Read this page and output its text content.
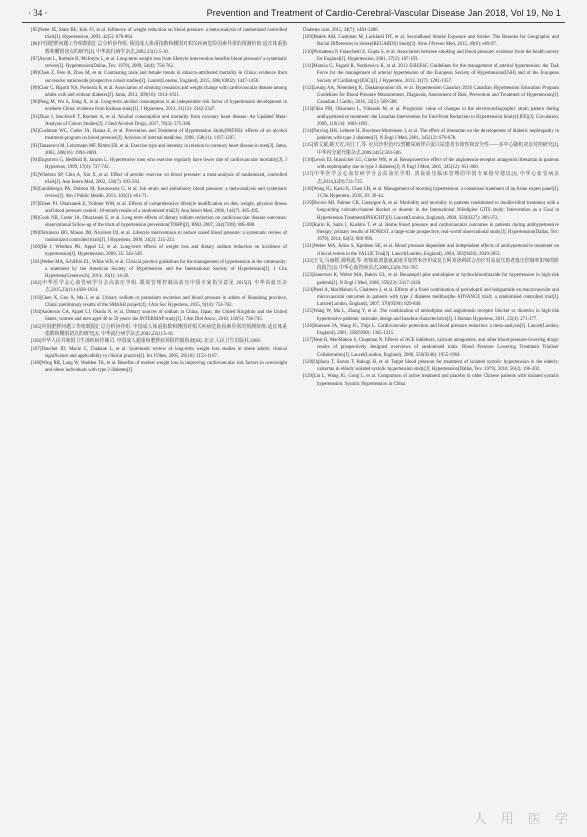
· 34 ·	Prevention and Treatment of Cardio-Cerebral-Vascular Disease Jan 2018, Vol 19, No 1

[85]Neter JE, Stam BE, Kok FJ, et al. Influence of weight reduction on blood pressure: a meta-analysis of randomized controlled trials[J]. Hypertension, 2003, 42(5): 878-884.

[86]中国肥胖问题工作组数据汇总分析协作组. 我国成人体重指数和腰围对相关疾病危险因素异常的预测价值:适宜体重指数和腰围切点的研究[J]. 中华流行病学杂志,2002,23(1):5-10.

[87]Ascott L, Rothnie H, McIntyre L, et al. Long-term weight loss from lifestyle intervention benefits blood pressure? a systematic review[J]. Hypertension(Dallas, Tex: 1979), 2009, 54(4): 756-762.

[88]Chen Z, Peto R, Zhou M, et al. Contrasting male and female trends in tobacco-attributed mortality in China: evidence from successive nationwide prospective cohort studies[J]. Lancet(London, England), 2015, 386(10002): 1447-1456.

[89]Clair C, Rigotti NA, Porneala B, et al. Association of smoking cessation and weight change with cardiovascular disease among adults with and without diabetes[J]. Jama, 2013, 309(10): 1014-1021.

[90]Peng M, Wu S, Jiang X, et al. Long-term alcohol consumption is an independent risk factor of hypertension development in northern China: evidence from Kailuan study[J]. J Hypertens, 2013, 31(12): 2342-2347.

[91]Zhao J, Stockwell T, Roemer A, et al. Alcohol consumption and mortality from coronary heart disease: An Updated Meta-Analysis of Cohort Studies[J]. J Stud Alcohol Drugs, 2017, 78(3): 375-386.

[92]Cushman WC, Cutler JA, Hanna E, et al. Prevention and Treatment of Hypertension Study(PATHS): effects of an alcohol treatment program on blood pressure[J]. Archives of internal medicine, 1998, 158(11): 1197-1207.

[93]Tanasescu M, Leitzmann MF, Rimm EB, et al. Exercise type and intensity in relation to coronary heart disease in men[J]. Jama, 2002, 288(16): 1994-2000.

[94]Engstrom G, Hedblad B, Janzon L. Hypertensive men who exercise regularly have lower rate of cardiovascular mortality[J]. J Hypertens, 1999, 17(6): 737-742.

[95]Whelton SP, Chin A, Xin X, et al. Effect of aerobic exercise on blood pressure: a meta-analysis of randomized, controlled trials[J]. Ann Intern Med, 2002, 136(7): 493-503.

[96]Landsbergis PA, Dobson M, Koutsouras G, et al. Job strain and ambulatory blood pressure: a meta-analysis and systematic review[J]. Am J Public Health, 2013, 103(3): e61-71.

[97]Elmer PJ, Obarzanek E, Vollmer WM, et al. Effects of comprehensive lifestyle modification on diet, weight, physical fitness and blood pressure control: 18-month results of a randomized trial[J]. Ann Intern Med, 2006, 144(7): 485-495.

[98]Cook NR, Cutler JA, Obarzanek E, et al. Long term effects of dietary sodium reduction on cardiovascular disease outcomes: observational follow-up of the trials of hypertension prevention(TOHP)[J]. BMJ, 2007, 334(7599): 885-888.

[99]Dickinson HO, Mason JM, Nicolson DJ, et al. Lifestyle interventions to reduce raised blood pressure: a systematic review of randomized controlled trials[J]. J Hypertens, 2006, 24(2): 215-233.

[100]He J, Whelton PK, Appel LJ, et al. Long-term effects of weight loss and dietary sodium reduction on incidence of hypertension[J]. Hypertension, 2000, 35: 544-549.

[101]Weber MA, Schiffrin EL, White WB, et al. Clinical practice guidelines for the management of hypertension in the community: a statement by the American Society of Hypertension and the International Society of Hypertension[J]. J Clin Hypertens(Greenwich), 2014, 16(1): 14-26.

[102]中华医学会心血管病学分会高血压学组. 限盐管理控制高血压中国专家指导意见 2015[J]. 中华高血压杂志,2015,23(11):1028-1034.

[103]Chen X, Guo X, Ma J, et al. Urinary sodium or potassium excretion and blood pressure in adults of Shandong province, China: preliminary results of the SMASH project[J]. J Am Soc Hypertens, 2015, 9(10): 754-762.

[104]Anderson CA, Appel LJ, Okuda N, et al. Dietary sources of sodium in China, Japan, the United Kingdom and the United States, women and men aged 40 to 59 years: the INTERMAP study[J]. J Am Diet Assoc, 2010, 110(5): 736-745.

[105]中国肥胖问题工作组数据汇总分析协作组. 中国成人体重指数和腰围对相关疾病危险因素异常的预测价值:适宜体重指数和腰围切点的研究[J]. 中华流行病学杂志,2002,23(1):5-10.

[106]中华人民共和国卫生部疾病控制司. 中国成人超重和肥胖症预防控制指南[M]. 北京:人民卫生出版社,2006.

[107]Dauchet JD, Macie C, Thabane L, et al. Systematic review of long-term weight loss studies in obese adults: clinical significance and applicability to clinical practice[J]. Int J Obes, 2005, 29(10): 1153-1167.

[108]Wing RR, Lang W, Wadden TA, et al. Benefits of modest weight loss in improving cardiovascular risk factors in overweight and obese individuals with type 2 diabetes[J].

Diabetes care, 2011, 34(7): 1481-1486.

[109]Malek AM, Cushman M, Lackland DT, et al. Secondhand Smoke Exposure and Stroke: The Reasons for Geographic and Racial Differences in Stroke(REGARDS) Study[J]. Ame J Preven Med, 2015, 49(6): e89-97.

[110]Pirmatesta P, Falaschetti E, Gupta S, et al. Association between smoking and blood pressure: evidence from the health survey for England[J]. Hypertension, 2001, 37(2): 187-193.

[111]Mancia G, Fagard R, Narkiewicz K, et al. 2013 ESH/ESC Guidelines for the management of arterial hypertension: the Task Force for the management of arterial hypertension of the European Society of Hypertension(ESH) and of the European Society of Cardiology(ESC)[J]. J Hypertens, 2013, 31(7): 1281-1357.

[112]Leung AA, Nerenberg K, Daskalopoulou SS, et al. Hypertension Canada's 2016 Canadian Hypertension Education Program Guidelines for Blood Pressure Measurement, Diagnosis, Assessment of Risk, Prevention and Treatment of Hypertension[J]. Canadian J Cardio, 2016, 32(5): 569-588.

[113]Okin PM, Oikarinen L, Viitasalo M, et al. Prognostic value of changes in the electrocardiographic strain pattern during antihypertensive treatment: the Losartan Intervention for End-Point Reduction in Hypertension Study(LIFE)[J]. Circulation, 2009, 119(14): 1883-1891.

[114]Parving HH, Lehnert H, Brochner-Mortensen J, et al. The effect of irbesartan on the development of diabetic nephropathy in patients with type 2 diabetes[J]. N Engl J Med, 2001, 345(12): 870-878.

[115]梁文斌,姚天宏,向江丁,等. 厄贝沙坦治疗2型糖尿病伴白蛋白尿患者有效性和安全性——多中心随机双盲对照研究[J]. 中华内分泌代谢杂志,2008,24(5):503-506.

[116]Lewis EJ, Hunsicker LG, Clarke WR, et al. Renoprotective effect of the angiotensin-receptor antagonist irbesartan in patients with nephropathy due to type 2 diabetes[J]. N Engl J Med, 2001, 345(12): 851-860.

[117]中华医学会心血管病学分会高血压学组. 清晨血压临床管理的中国专家指导建议[J]. 中华心血管病杂志,2014,42(9):721-725.

[118]Wang JG, Kario K, Chen CH, et al. Management of morning hypertension: a consensus statement of an Asian expert panel[J]. J Clin Hypertens, 2018, 20: 39-44.

[119]Brown MJ, Palmer CR, Castaigne A, et al. Morbidity and mortality in patients randomised to double-blind treatment with a long-acting calcium-channel blocker or diuretic in the International Nifedipine GITS study: Intervention as a Goal in Hypertension Treatment(INSIGHT)[J]. Lancet(London, England), 2000, 356(9227): 366-372.

[120]Kario K, Saito I, Kushiro T, et al. Home blood pressure and cardiovascular outcomes in patients during antihypertensive therapy: primary results of HONEST, a large-scale prospective, real-world observational study[J]. Hypertension(Dallas, Tex: 1979), 2014, 64(5): 989-996.

[121]Weber MA, Julius S, Kjeldsen SE, et al. Blood pressure dependent and independent effects of antihypertensive treatment on clinical events in the VALUE Trial[J]. Lancet(London, England), 2004, 363(9426): 2049-2051.

[122]王文,马丽媛,刘明波,等. 初始低剂量氨氯地平加替米沙坦或复方阿米洛利联合治疗对高血压患者血压控制率影响的阶段报告[J]. 中华心血管病杂志,2009,25(8):701-707.

[123]Jamerson K, Weber MA, Bakris GL, et al. Benazepril plus amlodipine or hydrochlorothiazide for hypertension in high-risk patients[J]. N Engl J Med, 2008, 359(23): 2417-2428.

[124]Patel A, MacMahon S, Chalmers J, et al. Effects of a fixed combination of perindopril and indapamide on macrovascular and microvascular outcomes in patients with type 2 diabetes mellitus(the ADVANCE trial): a randomised controlled trial[J]. Lancet(London, England), 2007, 370(9590): 829-840.

[125]Wang W, Ma L, Zhang Y, et al. The combination of amlodipine and angiotensin receptor blocker or diuretics in high-risk hypertensive patients: rationale, design and baseline characteristics[J]. J Human Hypertens, 2011, 25(4): 271-277.

[126]Staessen JA, Wang JG, Thijs L. Cardiovascular protection and blood pressure reduction: a meta-analysis[J]. Lancet(London, England), 2001, 358(9290): 1305-1315.

[127]Neal B, MacMahon S, Chapman N. Effects of ACE inhibitors, calcium antagonists, and other blood-pressure-lowering drugs: results of prospectively designed overviews of randomised trials. Blood Pressure Lowering Treatment Trialists' Collaboration[J]. Lancet(London, England), 2000, 356(9246): 1955-1964.

[128]Ogihara T, Saruta T, Rakugi H, et al. Target blood pressure for treatment of isolated systolic hypertension in the elderly: valsartan in elderly isolated systolic hypertension study[J]. Hypertension(Dallas, Tex: 1979), 2010, 56(2): 196-202.

[129]Liu L, Wang JG, Gong L, et al. Comparison of active treatment and placebo in older Chinese patients with isolated systolic hypertension. Systolic Hypertension in China

人 用 医 学
